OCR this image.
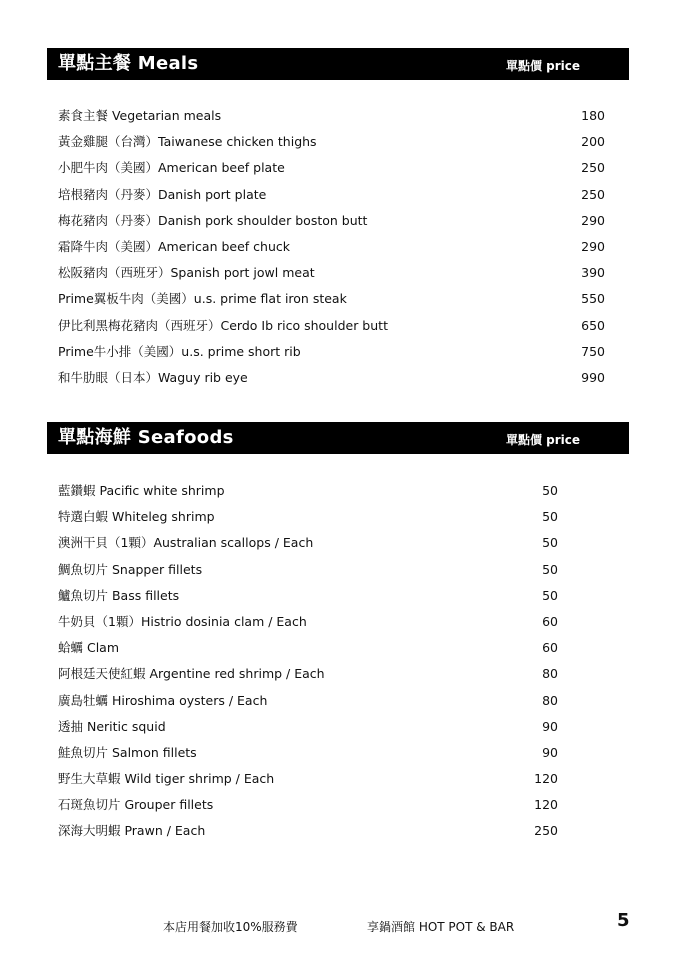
單點主餐 Meals	單點價 price
素食主餐 Vegetarian meals	180
黃金雞腿（台灣）Taiwanese chicken thighs	200
小肥牛肉（美國）American beef plate	250
培根豬肉（丹麥）Danish port plate	250
梅花豬肉（丹麥）Danish pork shoulder boston butt	290
霜降牛肉（美國）American beef chuck	290
松阪豬肉（西班牙）Spanish port jowl meat	390
Prime翼板牛肉（美國）u.s. prime flat iron steak	550
伊比利黑梅花豬肉（西班牙）Cerdo Ib rico shoulder butt	650
Prime牛小排（美國）u.s. prime short rib	750
和牛肋眼（日本）Waguy rib eye	990
單點海鮮 Seafoods	單點價 price
藍鑽蝦 Pacific white shrimp	50
特選白蝦 Whiteleg shrimp	50
澳洲干貝（1顆）Australian scallops / Each	50
鯛魚切片 Snapper fillets	50
鱸魚切片 Bass fillets	50
牛奶貝（1顆）Histrio dosinia clam / Each	60
蛤蠣 Clam	60
阿根廷天使紅蝦 Argentine red shrimp / Each	80
廣島牡蠣 Hiroshima oysters / Each	80
透抽 Neritic squid	90
鮭魚切片 Salmon fillets	90
野生大草蝦 Wild tiger shrimp / Each	120
石斑魚切片 Grouper fillets	120
深海大明蝦 Prawn / Each	250
本店用餐加收10%服務費	享鍋酒館 HOT POT & BAR	5
